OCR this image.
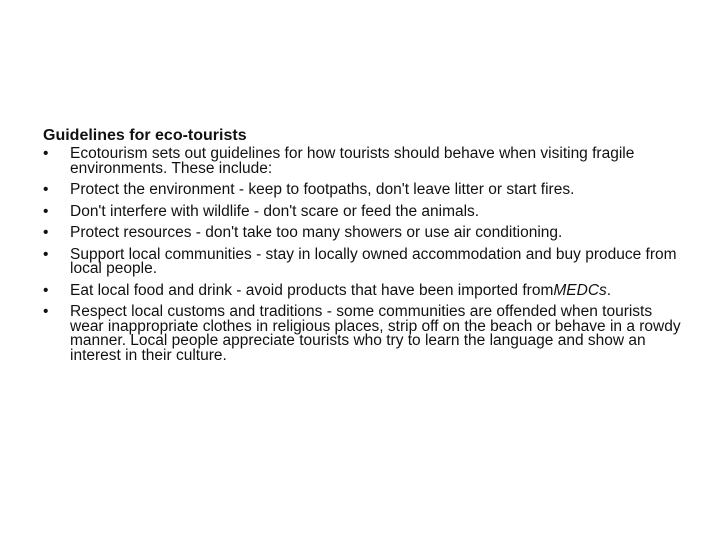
Guidelines for eco-tourists
•	Ecotourism sets out guidelines for how tourists should behave when visiting fragile environments. These include:
•	Protect the environment - keep to footpaths, don't leave litter or start fires.
•	Don't interfere with wildlife - don't scare or feed the animals.
•	Protect resources - don't take too many showers or use air conditioning.
•	Support local communities - stay in locally owned accommodation and buy produce from local people.
•	Eat local food and drink - avoid products that have been imported fromMEDCs.
•	Respect local customs and traditions - some communities are offended when tourists wear inappropriate clothes in religious places, strip off on the beach or behave in a rowdy manner. Local people appreciate tourists who try to learn the language and show an interest in their culture.
